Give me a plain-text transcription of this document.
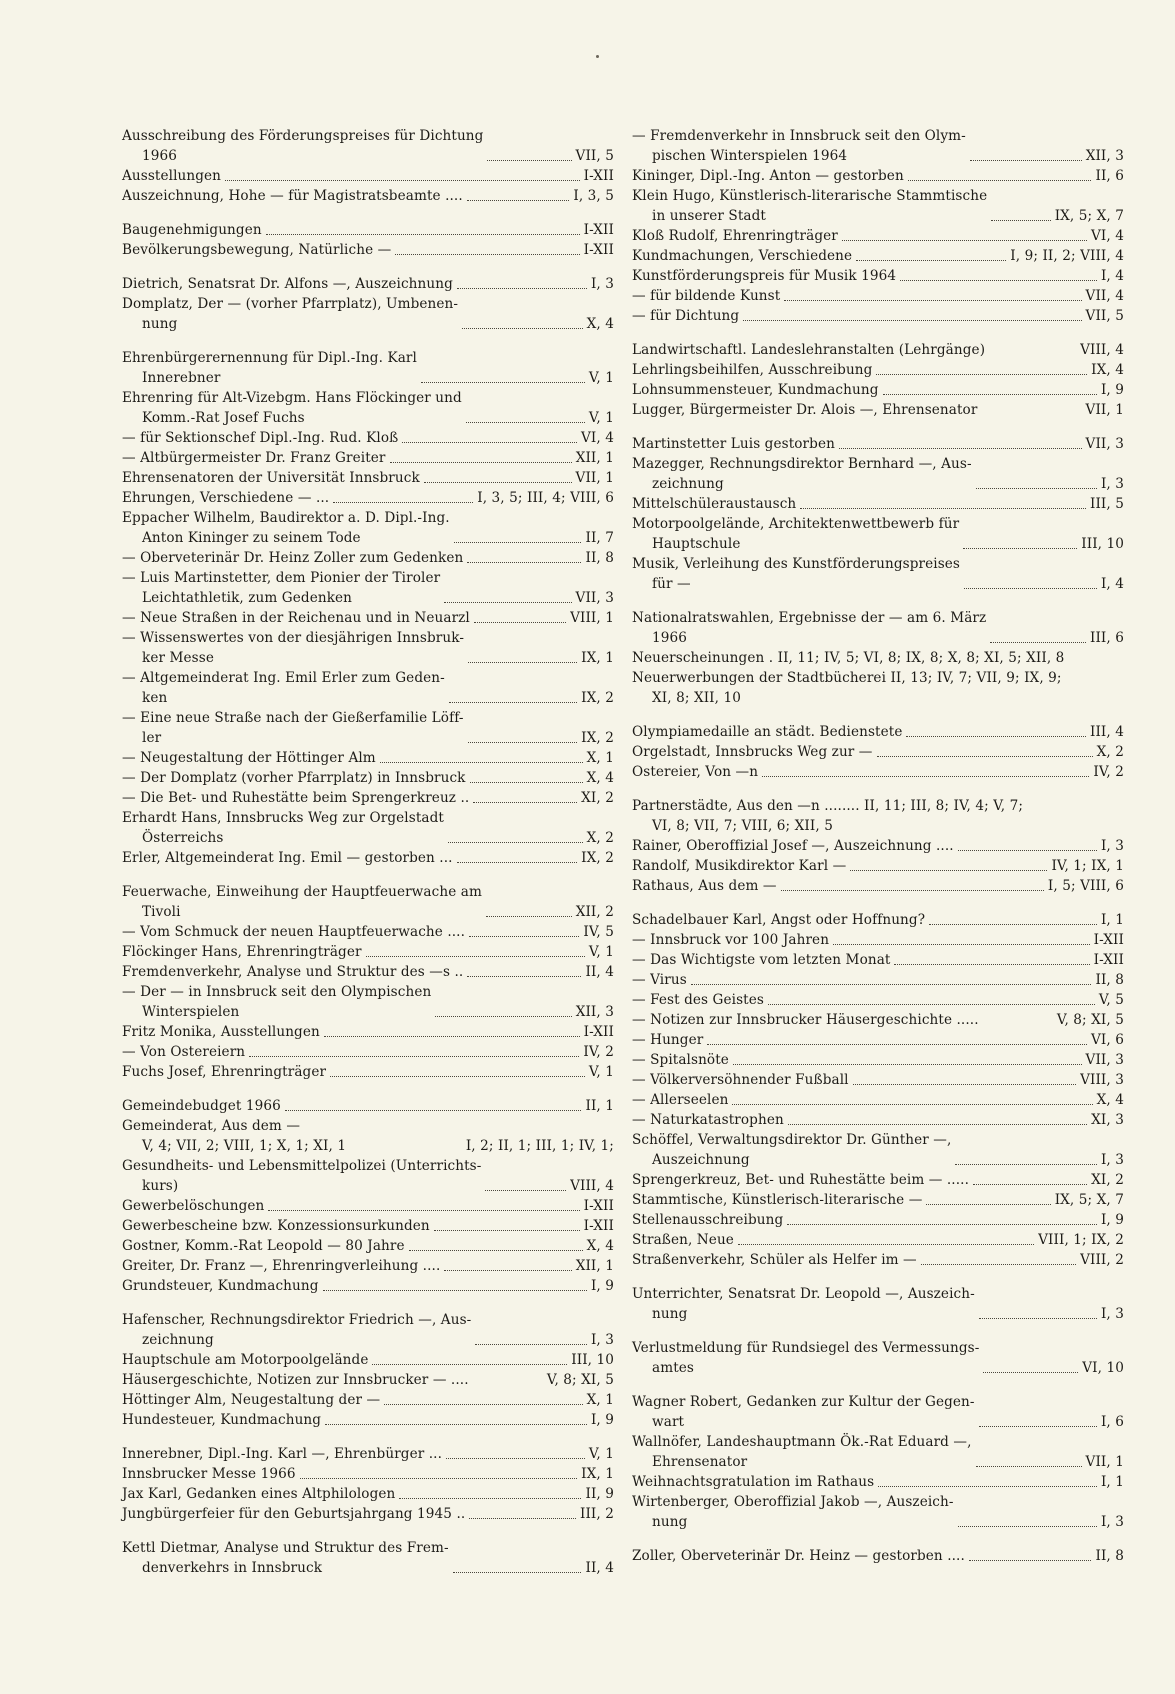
Ausschreibung des Förderungspreises für Dichtung
1966	VII, 5
Ausstellungen	I-XII
Auszeichnung, Hohe — für Magistratsbeamte ....	I, 3, 5
Baugenehmigungen	I-XII
Bevölkerungsbewegung, Natürliche —	I-XII
Dietrich, Senatsrat Dr. Alfons —, Auszeichnung	I, 3
Domplatz, Der — (vorher Pfarrplatz), Umbenen-
nung	X, 4
Ehrenbürgerernennung für Dipl.-Ing. Karl
Innerebner	V, 1
Ehrenring für Alt-Vizebgm. Hans Flöckinger und
Komm.-Rat Josef Fuchs	V, 1
— für Sektionschef Dipl.-Ing. Rud. Kloß	VI, 4
— Altbürgermeister Dr. Franz Greiter	XII, 1
Ehrensenatoren der Universität Innsbruck	VII, 1
Ehrungen, Verschiedene — ...	I, 3, 5; III, 4; VIII, 6
Eppacher Wilhelm, Baudirektor a. D. Dipl.-Ing.
Anton Kininger zu seinem Tode	II, 7
— Oberveterinär Dr. Heinz Zoller zum Gedenken	II, 8
— Luis Martinstetter, dem Pionier der Tiroler
Leichtathletik, zum Gedenken	VII, 3
— Neue Straßen in der Reichenau und in Neuarzl	VIII, 1
— Wissenswertes von der diesjährigen Innsbruk-
ker Messe	IX, 1
— Altgemeinderat Ing. Emil Erler zum Geden-
ken	IX, 2
— Eine neue Straße nach der Gießerfamilie Löff-
ler	IX, 2
— Neugestaltung der Höttinger Alm	X, 1
— Der Domplatz (vorher Pfarrplatz) in Innsbruck	X, 4
— Die Bet- und Ruhestätte beim Sprengerkreuz ..	XI, 2
Erhardt Hans, Innsbrucks Weg zur Orgelstadt
Österreichs	X, 2
Erler, Altgemeinderat Ing. Emil — gestorben ...	IX, 2
Feuerwache, Einweihung der Hauptfeuerwache am
Tivoli	XII, 2
— Vom Schmuck der neuen Hauptfeuerwache ....	IV, 5
Flöckinger Hans, Ehrenringträger	V, 1
Fremdenverkehr, Analyse und Struktur des —s ..	II, 4
— Der — in Innsbruck seit den Olympischen
Winterspielen	XII, 3
Fritz Monika, Ausstellungen	I-XII
— Von Ostereiern	IV, 2
Fuchs Josef, Ehrenringträger	V, 1
Gemeindebudget 1966	II, 1
Gemeinderat, Aus dem —
V, 4; VII, 2; VIII, 1; X, 1; XI, 1	I, 2; II, 1; III, 1; IV, 1;
Gesundheits- und Lebensmittelpolizei (Unterrichts-
kurs)	VIII, 4
Gewerbelöschungen	I-XII
Gewerbescheine bzw. Konzessionsurkunden	I-XII
Gostner, Komm.-Rat Leopold — 80 Jahre	X, 4
Greiter, Dr. Franz —, Ehrenringverleihung ....	XII, 1
Grundsteuer, Kundmachung	I, 9
Hafenscher, Rechnungsdirektor Friedrich —, Aus-
zeichnung	I, 3
Hauptschule am Motorpoolgelände	III, 10
Häusergeschichte, Notizen zur Innsbrucker — ....	V, 8; XI, 5
Höttinger Alm, Neugestaltung der —	X, 1
Hundesteuer, Kundmachung	I, 9
Innerebner, Dipl.-Ing. Karl —, Ehrenbürger ...	V, 1
Innsbrucker Messe 1966	IX, 1
Jax Karl, Gedanken eines Altphilologen	II, 9
Jungbürgerfeier für den Geburtsjahrgang 1945 ..	III, 2
Kettl Dietmar, Analyse und Struktur des Frem-
denverkehrs in Innsbruck	II, 4
— Fremdenverkehr in Innsbruck seit den Olym-
pischen Winterspielen 1964	XII, 3
Kininger, Dipl.-Ing. Anton — gestorben	II, 6
Klein Hugo, Künstlerisch-literarische Stammtische
in unserer Stadt	IX, 5; X, 7
Kloß Rudolf, Ehrenringträger	VI, 4
Kundmachungen, Verschiedene	I, 9; II, 2; VIII, 4
Kunstförderungspreis für Musik 1964	I, 4
— für bildende Kunst	VII, 4
— für Dichtung	VII, 5
Landwirtschaftl. Landeslehranstalten (Lehrgänge)	VIII, 4
Lehrlingsbeihilfen, Ausschreibung	IX, 4
Lohnsummensteuer, Kundmachung	I, 9
Lugger, Bürgermeister Dr. Alois —, Ehrensenator	VII, 1
Martinstetter Luis gestorben	VII, 3
Mazegger, Rechnungsdirektor Bernhard —, Aus-
zeichnung	I, 3
Mittelschüleraustausch	III, 5
Motorpoolgelände, Architektenwettbewerb für
Hauptschule	III, 10
Musik, Verleihung des Kunstförderungspreises
für —	I, 4
Nationalratswahlen, Ergebnisse der — am 6. März
1966	III, 6
Neuerscheinungen . II, 11; IV, 5; VI, 8; IX, 8; X, 8; XI, 5; XII, 8
Neuerwerbungen der Stadtbücherei II, 13; IV, 7; VII, 9; IX, 9;
XI, 8; XII, 10
Olympiamedaille an städt. Bedienstete	III, 4
Orgelstadt, Innsbrucks Weg zur —	X, 2
Ostereier, Von —n	IV, 2
Partnerstädte, Aus den —n ........ II, 11; III, 8; IV, 4; V, 7;
VI, 8; VII, 7; VIII, 6; XII, 5
Rainer, Oberoffizial Josef —, Auszeichnung ....	I, 3
Randolf, Musikdirektor Karl —	IV, 1; IX, 1
Rathaus, Aus dem —	I, 5; VIII, 6
Schadelbauer Karl, Angst oder Hoffnung?	I, 1
— Innsbruck vor 100 Jahren	I-XII
— Das Wichtigste vom letzten Monat	I-XII
— Virus	II, 8
— Fest des Geistes	V, 5
— Notizen zur Innsbrucker Häusergeschichte .....	V, 8; XI, 5
— Hunger	VI, 6
— Spitalsnöte	VII, 3
— Völkerversöhnender Fußball	VIII, 3
— Allerseelen	X, 4
— Naturkatastrophen	XI, 3
Schöffel, Verwaltungsdirektor Dr. Günther —,
Auszeichnung	I, 3
Sprengerkreuz, Bet- und Ruhestätte beim — .....	XI, 2
Stammtische, Künstlerisch-literarische —	IX, 5; X, 7
Stellenausschreibung	I, 9
Straßen, Neue	VIII, 1; IX, 2
Straßenverkehr, Schüler als Helfer im —	VIII, 2
Unterrichter, Senatsrat Dr. Leopold —, Auszeich-
nung	I, 3
Verlustmeldung für Rundsiegel des Vermessungs-
amtes	VI, 10
Wagner Robert, Gedanken zur Kultur der Gegen-
wart	I, 6
Wallnöfer, Landeshauptmann Ök.-Rat Eduard —,
Ehrensenator	VII, 1
Weihnachtsgratulation im Rathaus	I, 1
Wirtenberger, Oberoffizial Jakob —, Auszeich-
nung	I, 3
Zoller, Oberveterinär Dr. Heinz — gestorben ....	II, 8
